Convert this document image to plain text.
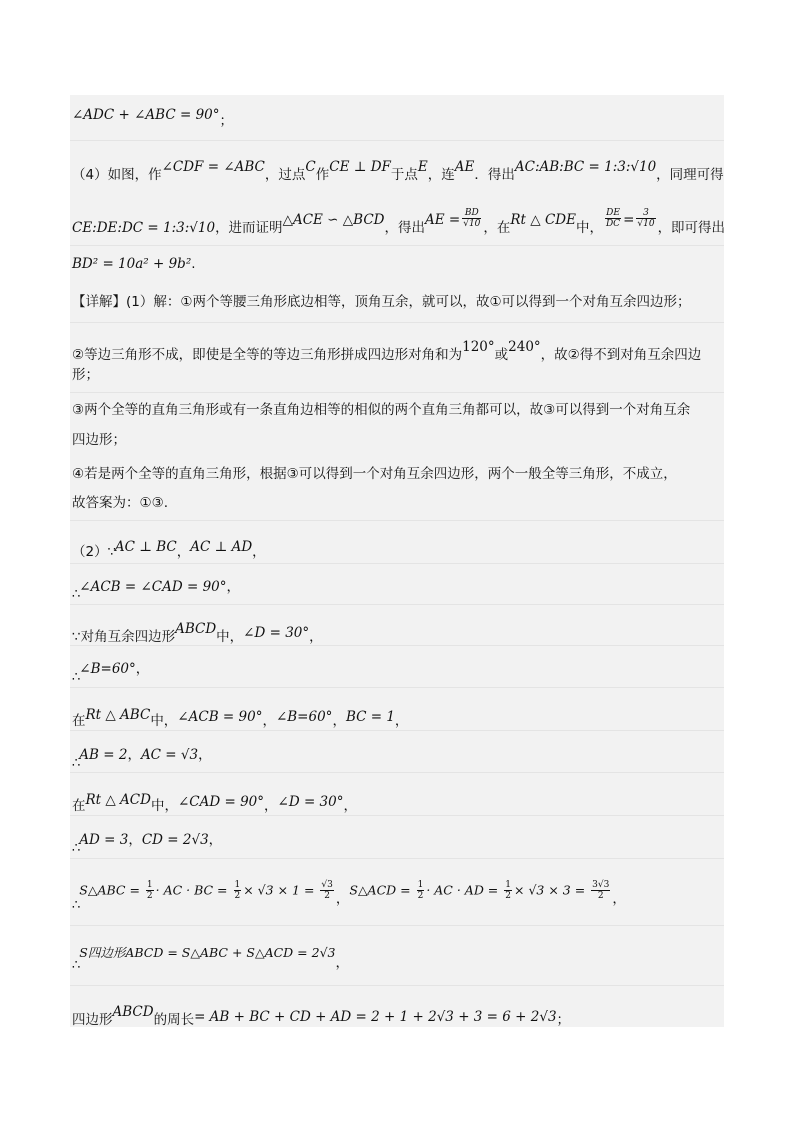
∠ADC + ∠ABC = 90°；
（4）如图，作∠CDF = ∠ABC，过点C作CE ⊥ DF于点E，连AE．得出AC:AB:BC = 1:3:√10，同理可得
CE:DE:DC = 1:3:√10，进而证明△ACE ∽ △BCD，得出AE = $\frac{BD}{√10}$ ，在Rt △ CDE中， $\frac{DE}{DC} = \frac{3}{√10}$ ，即可得出
BD² = 10a² + 9b².
【详解】(1）解：①两个等腰三角形底边相等，顶角互余，就可以，故①可以得到一个对角互余四边形；
②等边三角形不成，即使是全等的等边三角形拼成四边形对角和为120°或240°，故②得不到对角互余四边
形；
③两个全等的直角三角形或有一条直角边相等的相似的两个直角三角都可以，故③可以得到一个对角互余
四边形；
④若是两个全等的直角三角形，根据③可以得到一个对角互余四边形，两个一般全等三角形，不成立，
故答案为：①③.
（2）∵AC ⊥ BC，AC ⊥ AD，
∴∠ACB = ∠CAD = 90°，
∵对角互余四边形ABCD中，∠D = 30°，
∴∠B=60°，
在Rt △ ABC中，∠ACB = 90°，∠B=60°，BC = 1，
∴AB = 2，AC = √3，
在Rt △ ACD中，∠CAD = 90°，∠D = 30°，
∴AD = 3，CD = 2√3，
∴S△ABC = $\frac{1}{2}$ · AC · BC = $\frac{1}{2} \times √3 \times 1 = \frac{√3}{2}$ ，S△ACD = $\frac{1}{2}$ · AC · AD = $\frac{1}{2} \times √3 \times 3 = \frac{3√3}{2}$ ，
∴S四边形ABCD = S△ABC + S△ACD = 2√3，
四边形ABCD的周长= AB + BC + CD + AD = 2 + 1 + 2√3 + 3 = 6 + 2√3；
